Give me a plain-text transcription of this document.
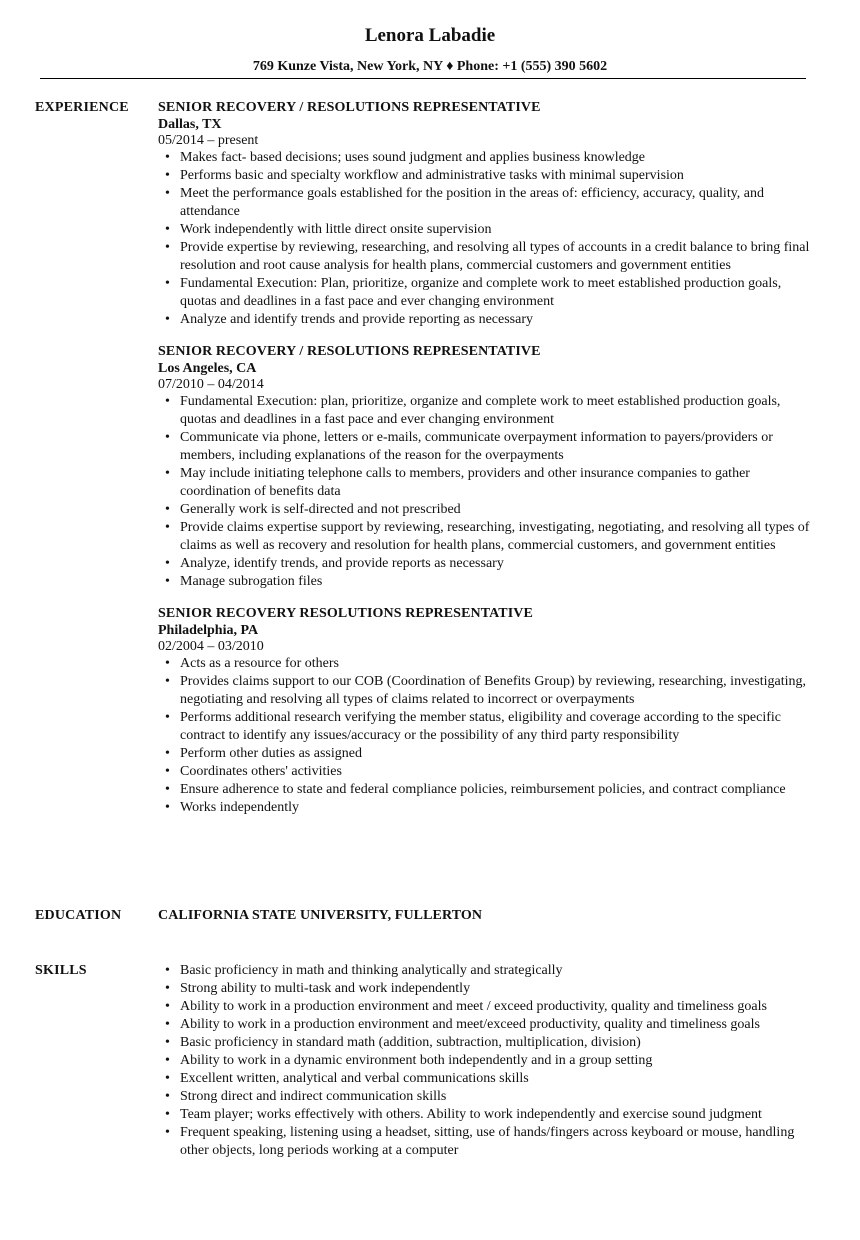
Lenora Labadie
769 Kunze Vista, New York, NY ♦ Phone: +1 (555) 390 5602
EXPERIENCE	SENIOR RECOVERY / RESOLUTIONS REPRESENTATIVE
Dallas, TX
05/2014 – present
• Makes fact- based decisions; uses sound judgment and applies business knowledge
• Performs basic and specialty workflow and administrative tasks with minimal supervision
• Meet the performance goals established for the position in the areas of: efficiency, accuracy, quality, and attendance
• Work independently with little direct onsite supervision
• Provide expertise by reviewing, researching, and resolving all types of accounts in a credit balance to bring final resolution and root cause analysis for health plans, commercial customers and government entities
• Fundamental Execution: Plan, prioritize, organize and complete work to meet established production goals, quotas and deadlines in a fast pace and ever changing environment
• Analyze and identify trends and provide reporting as necessary
SENIOR RECOVERY / RESOLUTIONS REPRESENTATIVE
Los Angeles, CA
07/2010 – 04/2014
• Fundamental Execution: plan, prioritize, organize and complete work to meet established production goals, quotas and deadlines in a fast pace and ever changing environment
• Communicate via phone, letters or e-mails, communicate overpayment information to payers/providers or members, including explanations of the reason for the overpayments
• May include initiating telephone calls to members, providers and other insurance companies to gather coordination of benefits data
• Generally work is self-directed and not prescribed
• Provide claims expertise support by reviewing, researching, investigating, negotiating, and resolving all types of claims as well as recovery and resolution for health plans, commercial customers, and government entities
• Analyze, identify trends, and provide reports as necessary
• Manage subrogation files
SENIOR RECOVERY RESOLUTIONS REPRESENTATIVE
Philadelphia, PA
02/2004 – 03/2010
• Acts as a resource for others
• Provides claims support to our COB (Coordination of Benefits Group) by reviewing, researching, investigating, negotiating and resolving all types of claims related to incorrect or overpayments
• Performs additional research verifying the member status, eligibility and coverage according to the specific contract to identify any issues/accuracy or the possibility of any third party responsibility
• Perform other duties as assigned
• Coordinates others' activities
• Ensure adherence to state and federal compliance policies, reimbursement policies, and contract compliance
• Works independently
EDUCATION	CALIFORNIA STATE UNIVERSITY, FULLERTON
SKILLS
•	Basic proficiency in math and thinking analytically and strategically
• Strong ability to multi-task and work independently
• Ability to work in a production environment and meet / exceed productivity, quality and timeliness goals
• Ability to work in a production environment and meet/exceed productivity, quality and timeliness goals
• Basic proficiency in standard math (addition, subtraction, multiplication, division)
• Ability to work in a dynamic environment both independently and in a group setting
• Excellent written, analytical and verbal communications skills
• Strong direct and indirect communication skills
• Team player; works effectively with others. Ability to work independently and exercise sound judgment
• Frequent speaking, listening using a headset, sitting, use of hands/fingers across keyboard or mouse, handling other objects, long periods working at a computer
